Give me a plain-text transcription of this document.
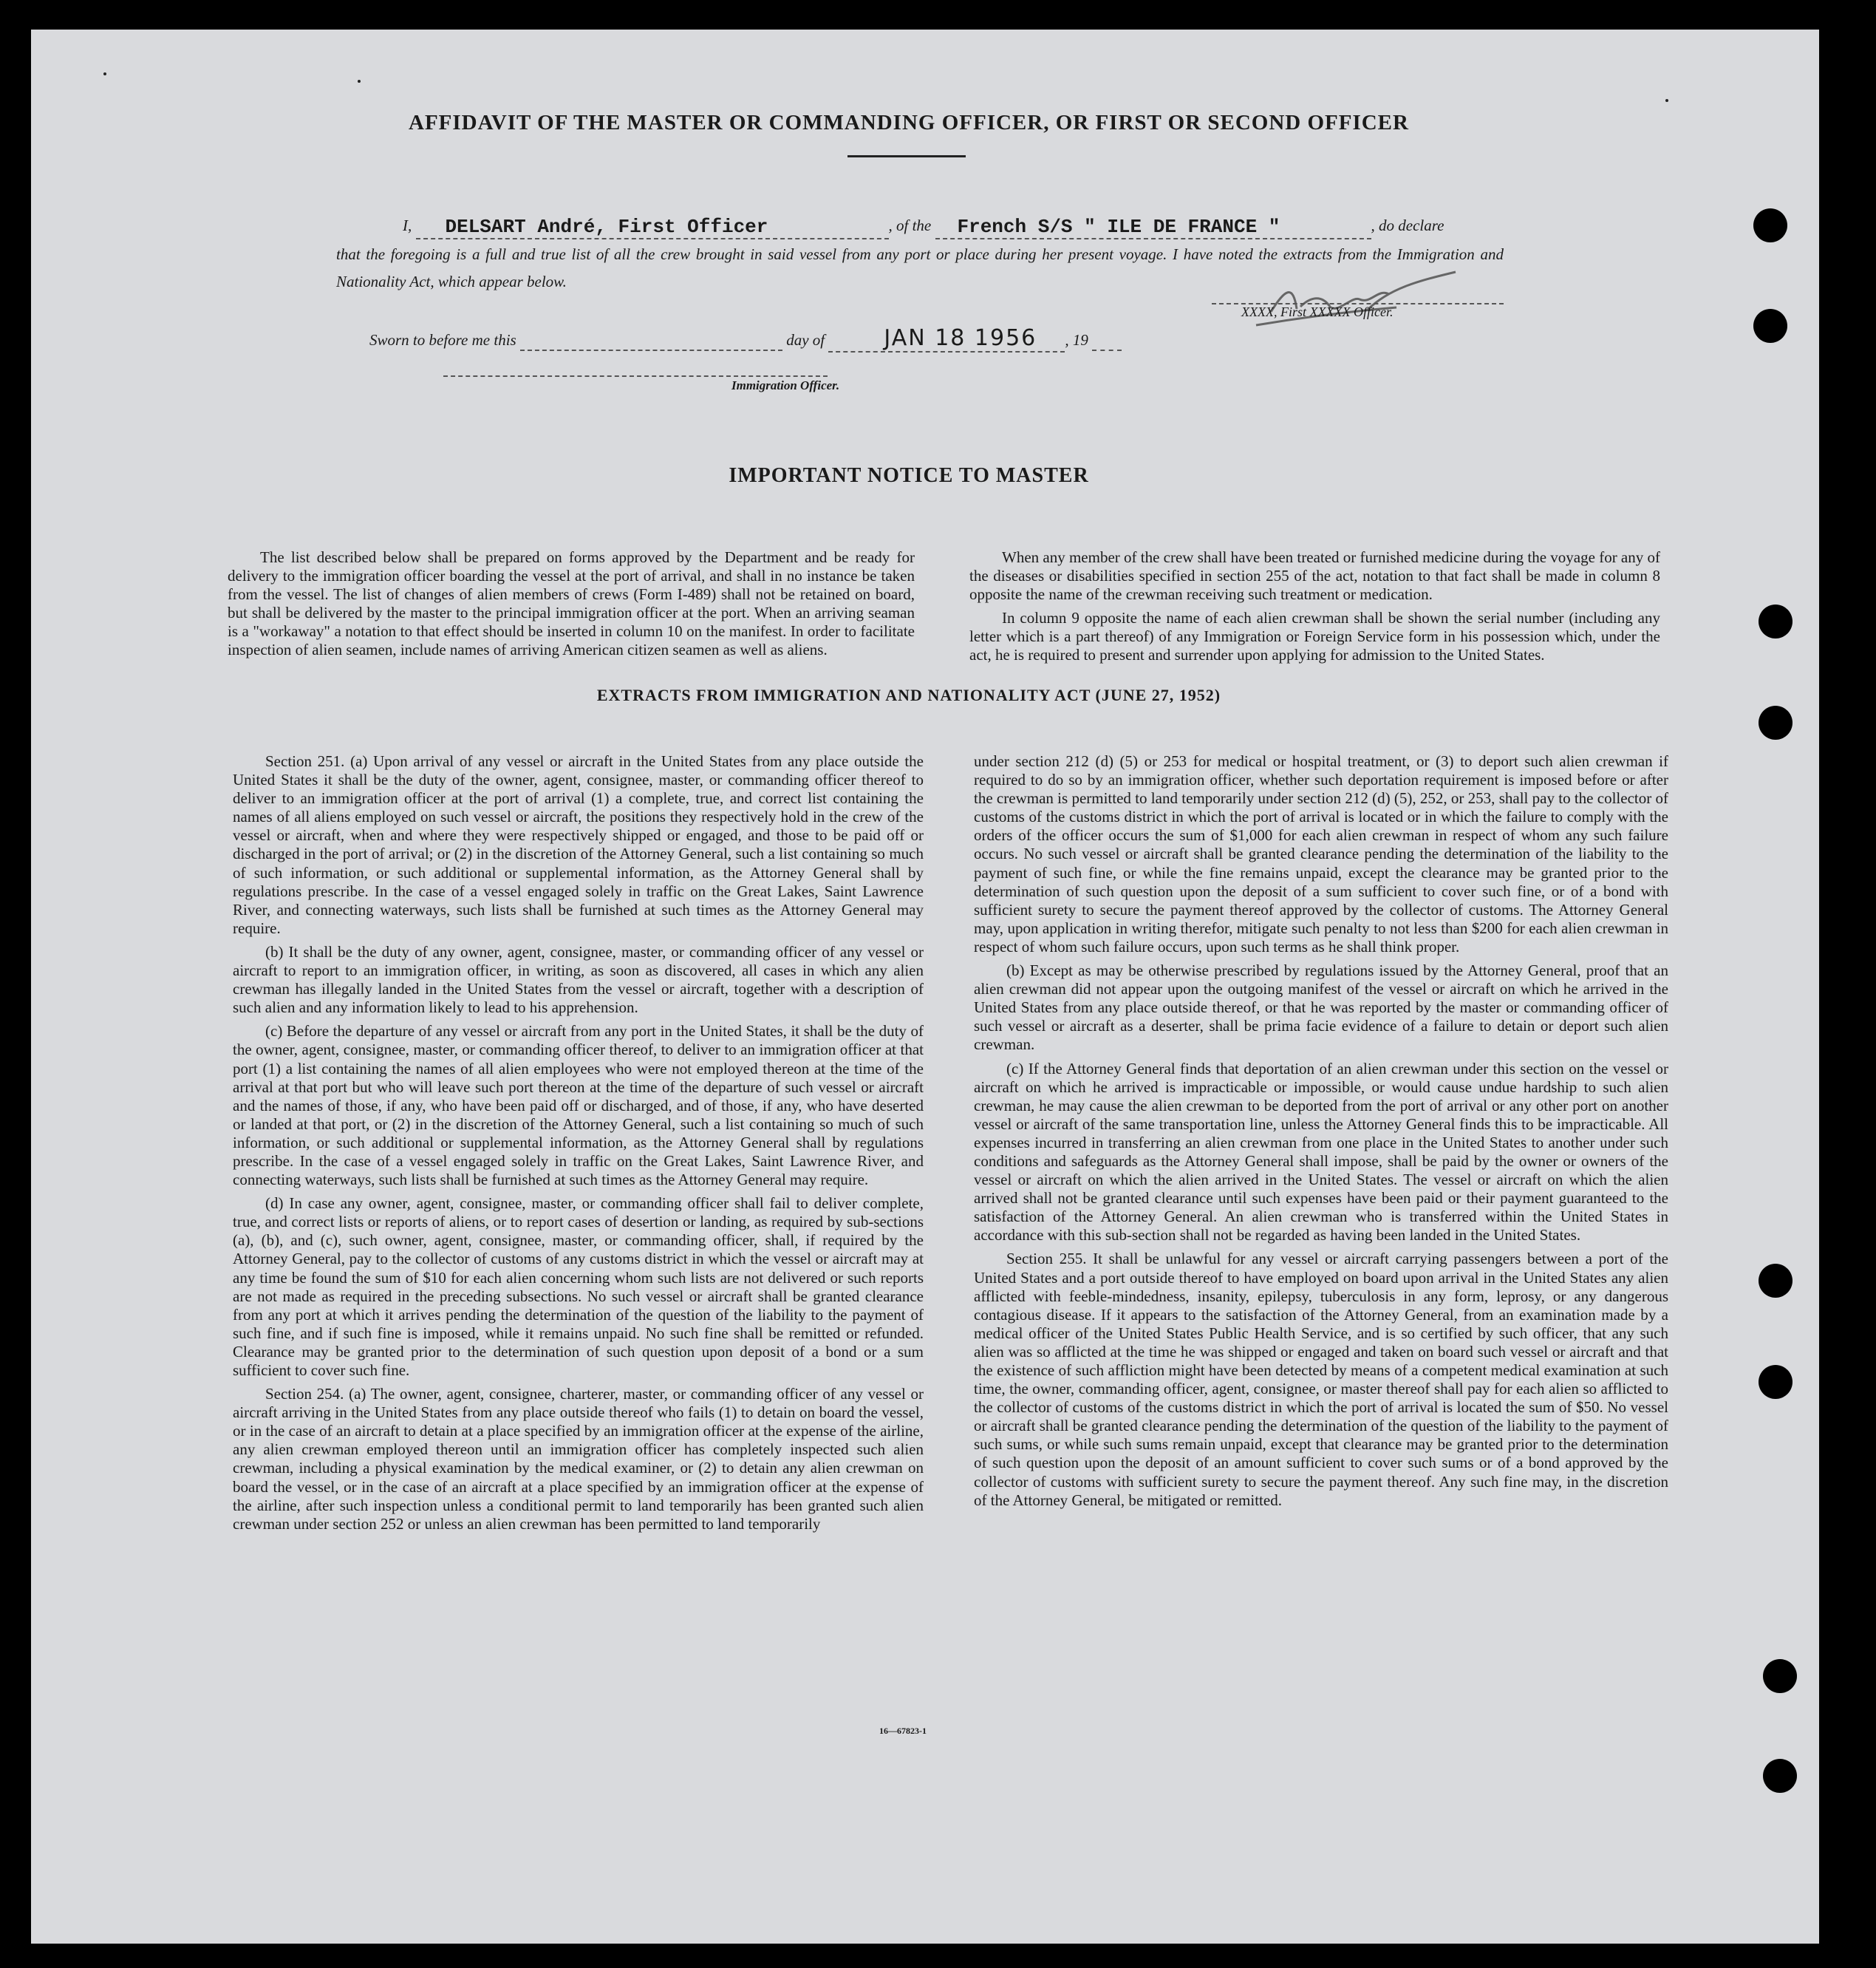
AFFIDAVIT OF THE MASTER OR COMMANDING OFFICER, OR FIRST OR SECOND OFFICER
I, DELSART André, First Officer	, of the French S/S " ILE DE FRANCE "	, do declare
that the foregoing is a full and true list of all the crew brought in said vessel from any port or place during her present voyage. I have noted the extracts from the Immigration and Nationality Act, which appear below.
XXXX, First XXXXX Officer.
Sworn to before me this	day of	JAN 18 1956 , 19
Immigration Officer.
IMPORTANT NOTICE TO MASTER

The list described below shall be prepared on forms approved by the Department and be ready for delivery to the immigration officer boarding the vessel at the port of arrival, and shall in no instance be taken from the vessel. The list of changes of alien members of crews (Form I-489) shall not be retained on board, but shall be delivered by the master to the principal immigration officer at the port. When an arriving seaman is a "workaway" a notation to that effect should be inserted in column 10 on the manifest. In order to facilitate inspection of alien seamen, include names of arriving American citizen seamen as well as aliens.

When any member of the crew shall have been treated or furnished medicine during the voyage for any of the diseases or disabilities specified in section 255 of the act, notation to that fact shall be made in column 8 opposite the name of the crewman receiving such treatment or medication.

In column 9 opposite the name of each alien crewman shall be shown the serial number (including any letter which is a part thereof) of any Immigration or Foreign Service form in his possession which, under the act, he is required to present and surrender upon applying for admission to the United States.

EXTRACTS FROM IMMIGRATION AND NATIONALITY ACT (JUNE 27, 1952)

Section 251. (a) Upon arrival of any vessel or aircraft in the United States from any place outside the United States it shall be the duty of the owner, agent, consignee, master, or commanding officer thereof to deliver to an immigration officer at the port of arrival (1) a complete, true, and correct list containing the names of all aliens employed on such vessel or aircraft, the positions they respectively hold in the crew of the vessel or aircraft, when and where they were respectively shipped or engaged, and those to be paid off or discharged in the port of arrival; or (2) in the discretion of the Attorney General, such a list containing so much of such information, or such additional or supplemental information, as the Attorney General shall by regulations prescribe. In the case of a vessel engaged solely in traffic on the Great Lakes, Saint Lawrence River, and connecting waterways, such lists shall be furnished at such times as the Attorney General may require.

(b) It shall be the duty of any owner, agent, consignee, master, or commanding officer of any vessel or aircraft to report to an immigration officer, in writing, as soon as discovered, all cases in which any alien crewman has illegally landed in the United States from the vessel or aircraft, together with a description of such alien and any information likely to lead to his apprehension.

(c) Before the departure of any vessel or aircraft from any port in the United States, it shall be the duty of the owner, agent, consignee, master, or commanding officer thereof, to deliver to an immigration officer at that port (1) a list containing the names of all alien employees who were not employed thereon at the time of the arrival at that port but who will leave such port thereon at the time of the departure of such vessel or aircraft and the names of those, if any, who have been paid off or discharged, and of those, if any, who have deserted or landed at that port, or (2) in the discretion of the Attorney General, such a list containing so much of such information, or such additional or supplemental information, as the Attorney General shall by regulations prescribe. In the case of a vessel engaged solely in traffic on the Great Lakes, Saint Lawrence River, and connecting waterways, such lists shall be furnished at such times as the Attorney General may require.

(d) In case any owner, agent, consignee, master, or commanding officer shall fail to deliver complete, true, and correct lists or reports of aliens, or to report cases of desertion or landing, as required by sub-sections (a), (b), and (c), such owner, agent, consignee, master, or commanding officer, shall, if required by the Attorney General, pay to the collector of customs of any customs district in which the vessel or aircraft may at any time be found the sum of $10 for each alien concerning whom such lists are not delivered or such reports are not made as required in the preceding subsections. No such vessel or aircraft shall be granted clearance from any port at which it arrives pending the determination of the question of the liability to the payment of such fine, and if such fine is imposed, while it remains unpaid. No such fine shall be remitted or refunded. Clearance may be granted prior to the determination of such question upon deposit of a bond or a sum sufficient to cover such fine.

Section 254. (a) The owner, agent, consignee, charterer, master, or commanding officer of any vessel or aircraft arriving in the United States from any place outside thereof who fails (1) to detain on board the vessel, or in the case of an aircraft to detain at a place specified by an immigration officer at the expense of the airline, any alien crewman employed thereon until an immigration officer has completely inspected such alien crewman, including a physical examination by the medical examiner, or (2) to detain any alien crewman on board the vessel, or in the case of an aircraft at a place specified by an immigration officer at the expense of the airline, after such inspection unless a conditional permit to land temporarily has been granted such alien crewman under section 252 or unless an alien crewman has been permitted to land temporarily

under section 212 (d) (5) or 253 for medical or hospital treatment, or (3) to deport such alien crewman if required to do so by an immigration officer, whether such deportation requirement is imposed before or after the crewman is permitted to land temporarily under section 212 (d) (5), 252, or 253, shall pay to the collector of customs of the customs district in which the port of arrival is located or in which the failure to comply with the orders of the officer occurs the sum of $1,000 for each alien crewman in respect of whom any such failure occurs. No such vessel or aircraft shall be granted clearance pending the determination of the liability to the payment of such fine, or while the fine remains unpaid, except the clearance may be granted prior to the determination of such question upon the deposit of a sum sufficient to cover such fine, or of a bond with sufficient surety to secure the payment thereof approved by the collector of customs. The Attorney General may, upon application in writing therefor, mitigate such penalty to not less than $200 for each alien crewman in respect of whom such failure occurs, upon such terms as he shall think proper.

(b) Except as may be otherwise prescribed by regulations issued by the Attorney General, proof that an alien crewman did not appear upon the outgoing manifest of the vessel or aircraft on which he arrived in the United States from any place outside thereof, or that he was reported by the master or commanding officer of such vessel or aircraft as a deserter, shall be prima facie evidence of a failure to detain or deport such alien crewman.

(c) If the Attorney General finds that deportation of an alien crewman under this section on the vessel or aircraft on which he arrived is impracticable or impossible, or would cause undue hardship to such alien crewman, he may cause the alien crewman to be deported from the port of arrival or any other port on another vessel or aircraft of the same transportation line, unless the Attorney General finds this to be impracticable. All expenses incurred in transferring an alien crewman from one place in the United States to another under such conditions and safeguards as the Attorney General shall impose, shall be paid by the owner or owners of the vessel or aircraft on which the alien arrived in the United States. The vessel or aircraft on which the alien arrived shall not be granted clearance until such expenses have been paid or their payment guaranteed to the satisfaction of the Attorney General. An alien crewman who is transferred within the United States in accordance with this sub-section shall not be regarded as having been landed in the United States.

Section 255. It shall be unlawful for any vessel or aircraft carrying passengers between a port of the United States and a port outside thereof to have employed on board upon arrival in the United States any alien afflicted with feeble-mindedness, insanity, epilepsy, tuberculosis in any form, leprosy, or any dangerous contagious disease. If it appears to the satisfaction of the Attorney General, from an examination made by a medical officer of the United States Public Health Service, and is so certified by such officer, that any such alien was so afflicted at the time he was shipped or engaged and taken on board such vessel or aircraft and that the existence of such affliction might have been detected by means of a competent medical examination at such time, the owner, commanding officer, agent, consignee, or master thereof shall pay for each alien so afflicted to the collector of customs of the customs district in which the port of arrival is located the sum of $50. No vessel or aircraft shall be granted clearance pending the determination of the question of the liability to the payment of such sums, or while such sums remain unpaid, except that clearance may be granted prior to the determination of such question upon the deposit of an amount sufficient to cover such sums or of a bond approved by the collector of customs with sufficient surety to secure the payment thereof. Any such fine may, in the discretion of the Attorney General, be mitigated or remitted.

16—67823-1
